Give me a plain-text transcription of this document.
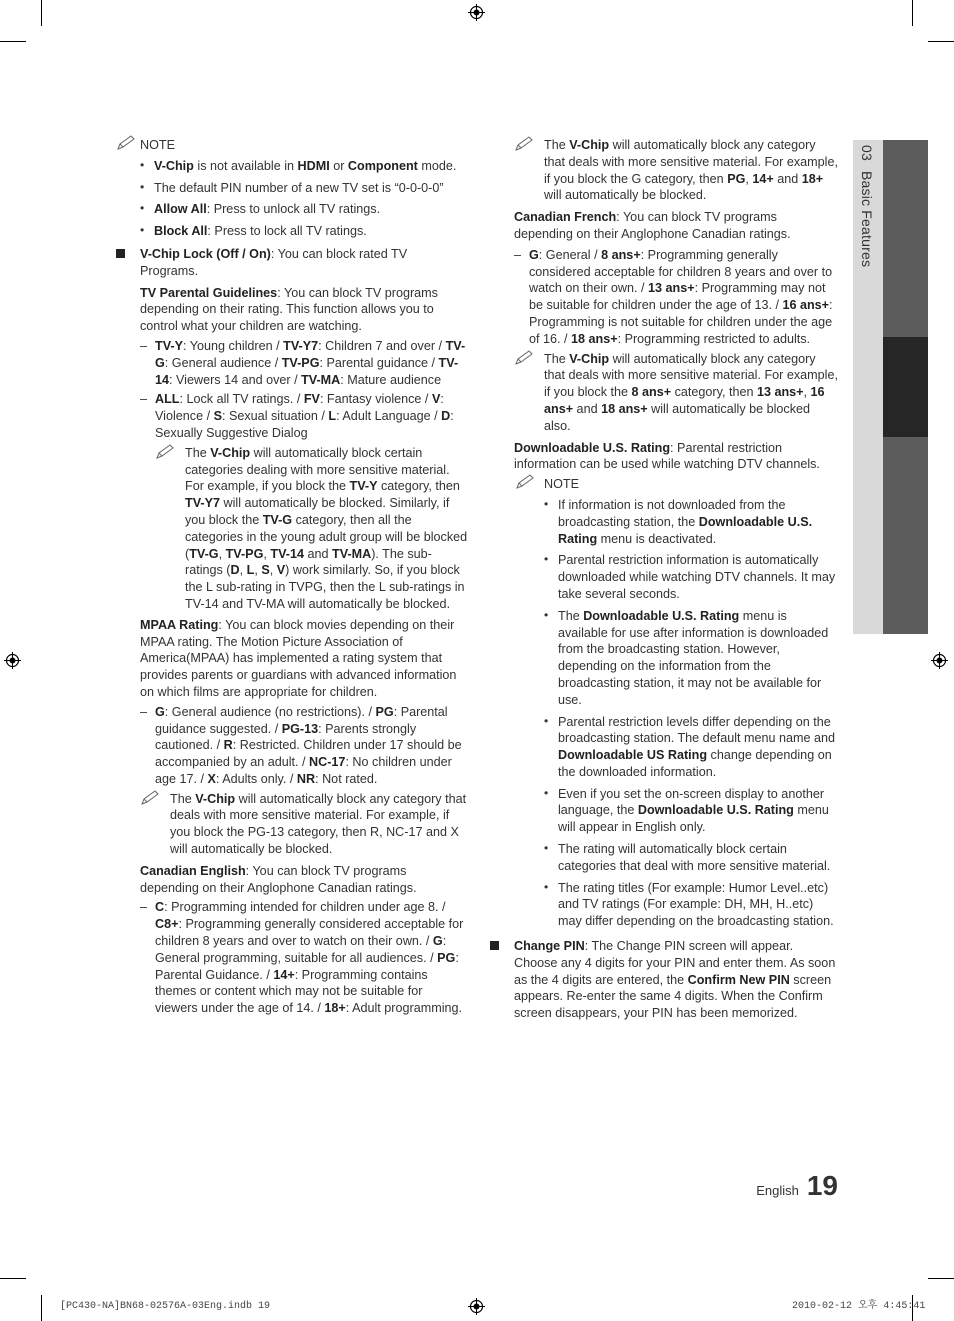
NOTE

• V-Chip is not available in HDMI or Component mode.

• The default PIN number of a new TV set is “0-0-0-0”

• Allow All: Press to unlock all TV ratings.

• Block All: Press to lock all TV ratings.

V-Chip Lock (Off / On): You can block rated TV Programs.

TV Parental Guidelines: You can block TV programs depending on their rating. This function allows you to control what your children are watching.

– TV-Y: Young children / TV-Y7: Children 7 and over / TV-G: General audience / TV-PG: Parental guidance / TV-14: Viewers 14 and over / TV-MA: Mature audience

– ALL: Lock all TV ratings. / FV: Fantasy violence / V: Violence / S: Sexual situation / L: Adult Language / D: Sexually Suggestive Dialog

The V-Chip will automatically block certain categories dealing with more sensitive material. For example, if you block the TV-Y category, then TV-Y7 will automatically be blocked. Similarly, if you block the TV-G category, then all the categories in the young adult group will be blocked (TV-G, TV-PG, TV-14 and TV-MA). The sub-ratings (D, L, S, V) work similarly. So, if you block the L sub-rating in TVPG, then the L sub-ratings in TV-14 and TV-MA will automatically be blocked.

MPAA Rating: You can block movies depending on their MPAA rating. The Motion Picture Association of America(MPAA) has implemented a rating system that provides parents or guardians with advanced information on which films are appropriate for children.

– G: General audience (no restrictions). / PG: Parental guidance suggested. / PG-13: Parents strongly cautioned. / R: Restricted. Children under 17 should be accompanied by an adult. / NC-17: No children under age 17. / X: Adults only. / NR: Not rated.

The V-Chip will automatically block any category that deals with more sensitive material. For example, if you block the PG-13 category, then R, NC-17 and X will automatically be blocked.

Canadian English: You can block TV programs depending on their Anglophone Canadian ratings.

– C: Programming intended for children under age 8. / C8+: Programming generally considered acceptable for children 8 years and over to watch on their own. / G: General programming, suitable for all audiences. / PG: Parental Guidance. / 14+: Programming contains themes or content which may not be suitable for viewers under the age of 14. / 18+: Adult programming.

The V-Chip will automatically block any category that deals with more sensitive material. For example, if you block the G category, then PG, 14+ and 18+ will automatically be blocked.

Canadian French: You can block TV programs depending on their Anglophone Canadian ratings.

– G: General / 8 ans+: Programming generally considered acceptable for children 8 years and over to watch on their own. / 13 ans+: Programming may not be suitable for children under the age of 13. / 16 ans+: Programming is not suitable for children under the age of 16. / 18 ans+: Programming restricted to adults.

The V-Chip will automatically block any category that deals with more sensitive material. For example, if you block the 8 ans+ category, then 13 ans+, 16 ans+ and 18 ans+ will automatically be blocked also.

Downloadable U.S. Rating: Parental restriction information can be used while watching DTV channels.

NOTE

• If information is not downloaded from the broadcasting station, the Downloadable U.S. Rating menu is deactivated.

• Parental restriction information is automatically downloaded while watching DTV channels. It may take several seconds.

• The Downloadable U.S. Rating menu is available for use after information is downloaded from the broadcasting station. However, depending on the information from the broadcasting station, it may not be available for use.

• Parental restriction levels differ depending on the broadcasting station. The default menu name and Downloadable US Rating change depending on the downloaded information.

• Even if you set the on-screen display to another language, the Downloadable U.S. Rating menu will appear in English only.

• The rating will automatically block certain categories that deal with more sensitive material.

• The rating titles (For example: Humor Level..etc) and TV ratings (For example: DH, MH, H..etc) may differ depending on the broadcasting station.

Change PIN: The Change PIN screen will appear. Choose any 4 digits for your PIN and enter them. As soon as the 4 digits are entered, the Confirm New PIN screen appears. Re-enter the same 4 digits. When the Confirm screen disappears, your PIN has been memorized.

03Basic Features
English 19
[PC430-NA]BN68-02576A-03Eng.indb 19	2010-02-12 오후 4:45:41
